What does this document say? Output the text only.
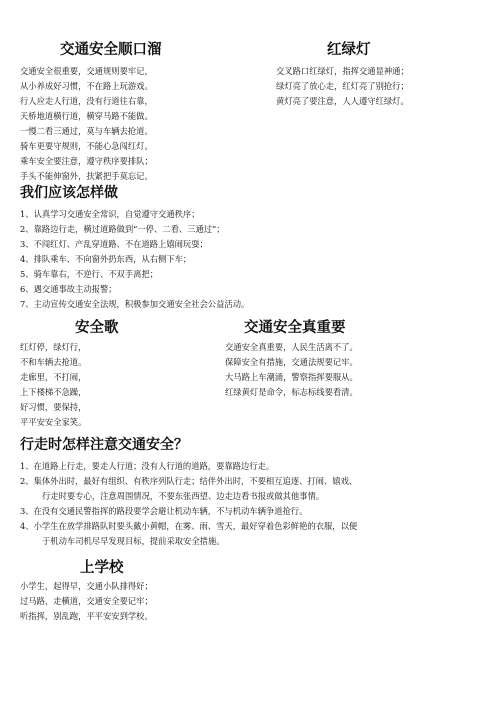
交通安全顺口溜
交通安全很重要，交通规则要牢记，
从小养成好习惯，不在路上玩游戏。
行人应走人行道，没有行道往右靠，
天桥地道横行道，横穿马路不能做。
一慢二看三通过，莫与车辆去抢道。
骑车更要守规则，不能心急闯红灯。
乘车安全要注意，遵守秩序要排队；
手头不能伸窗外，扶紧把手莫忘记。
红绿灯
交叉路口红绿灯，指挥交通显神通；
绿灯亮了放心走，红灯亮了别抢行；
黄灯亮了要注意，人人遵守红绿灯。
我们应该怎样做
1、认真学习交通安全常识，自觉遵守交通秩序；
2、靠路边行走，横过道路做到“一停、二看、三通过”；
3、不闯红灯、产乱穿道路、不在道路上嬉闹玩耍；
4、排队乘车、不向窗外扔东西，从右侧下车；
5、骑车靠右，不逆行、不双手离把；
6、遇交通事故主动报警；
7、主动宣传交通安全法规，积极参加交通安全社会公益活动。
安全歌
红灯停，绿灯行，
不和车辆去抢道。
走廊里，不打闹，
上下楼梯不急躁，
好习惯，要保持，
平平安安全家笑。
交通安全真重要
交通安全真重要，人民生活离不了。
保障安全有措施，交通法规要记牢。
大马路上车潮涌，警察指挥要服从。
红绿黄灯是命令，标志标线要看清。
行走时怎样注意交通安全？
1、在道路上行走，要走人行道；没有人行道的道路，要靠路边行走。
2、集体外出时，最好有组织、有秩序列队行走；结伴外出时，不要相互追逐、打闹、嬉戏、
行走时要专心，注意周围情况，不要东张西望、边走边看书报或做其他事情。
3、在没有交通民警指挥的路段要学会避让机动车辆，不与机动车辆争道抢行。
4、小学生在放学排路队时要头戴小黄帽，在雾、雨、雪天，最好穿着色彩鲜艳的衣服，以便
于机动车司机尽早发现目标，提前采取安全措施。
上学校
小学生，起得早，交通小队排得好；
过马路，走横道，交通安全要记牢；
听指挥，别乱跑，平平安安到学校。
